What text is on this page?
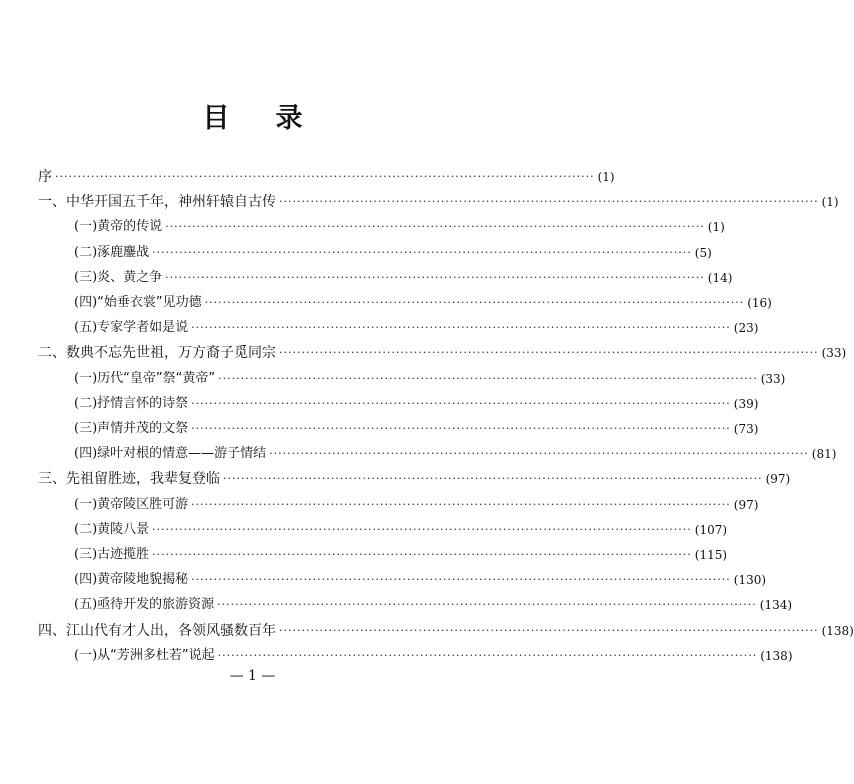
目录
序 ························································································································ (1)
一、中华开国五千年，神州轩辕自古传 ························································································································ (1)
(一) 黄帝的传说 ························································································································ (1)
(二) 涿鹿鏖战 ························································································································ (5)
(三) 炎、黄之争 ························································································································ (14)
(四) “始垂衣裳”见功德 ························································································································ (16)
(五) 专家学者如是说 ························································································································ (23)
二、数典不忘先世祖，万方裔子觅同宗 ························································································································ (33)
(一) 历代“皇帝”祭“黄帝” ························································································································ (33)
(二) 抒情言怀的诗祭 ························································································································ (39)
(三) 声情并茂的文祭 ························································································································ (73)
(四) 绿叶对根的情意——游子情结 ························································································································ (81)
三、先祖留胜迹，我辈复登临 ························································································································ (97)
(一) 黄帝陵区胜可游 ························································································································ (97)
(二) 黄陵八景 ························································································································ (107)
(三) 古迹揽胜 ························································································································ (115)
(四) 黄帝陵地貌揭秘 ························································································································ (130)
(五) 亟待开发的旅游资源 ························································································································ (134)
四、江山代有才人出，各领风骚数百年 ························································································································ (138)
(一) 从“芳洲多杜若”说起 ························································································································ (138)
— 1 —
